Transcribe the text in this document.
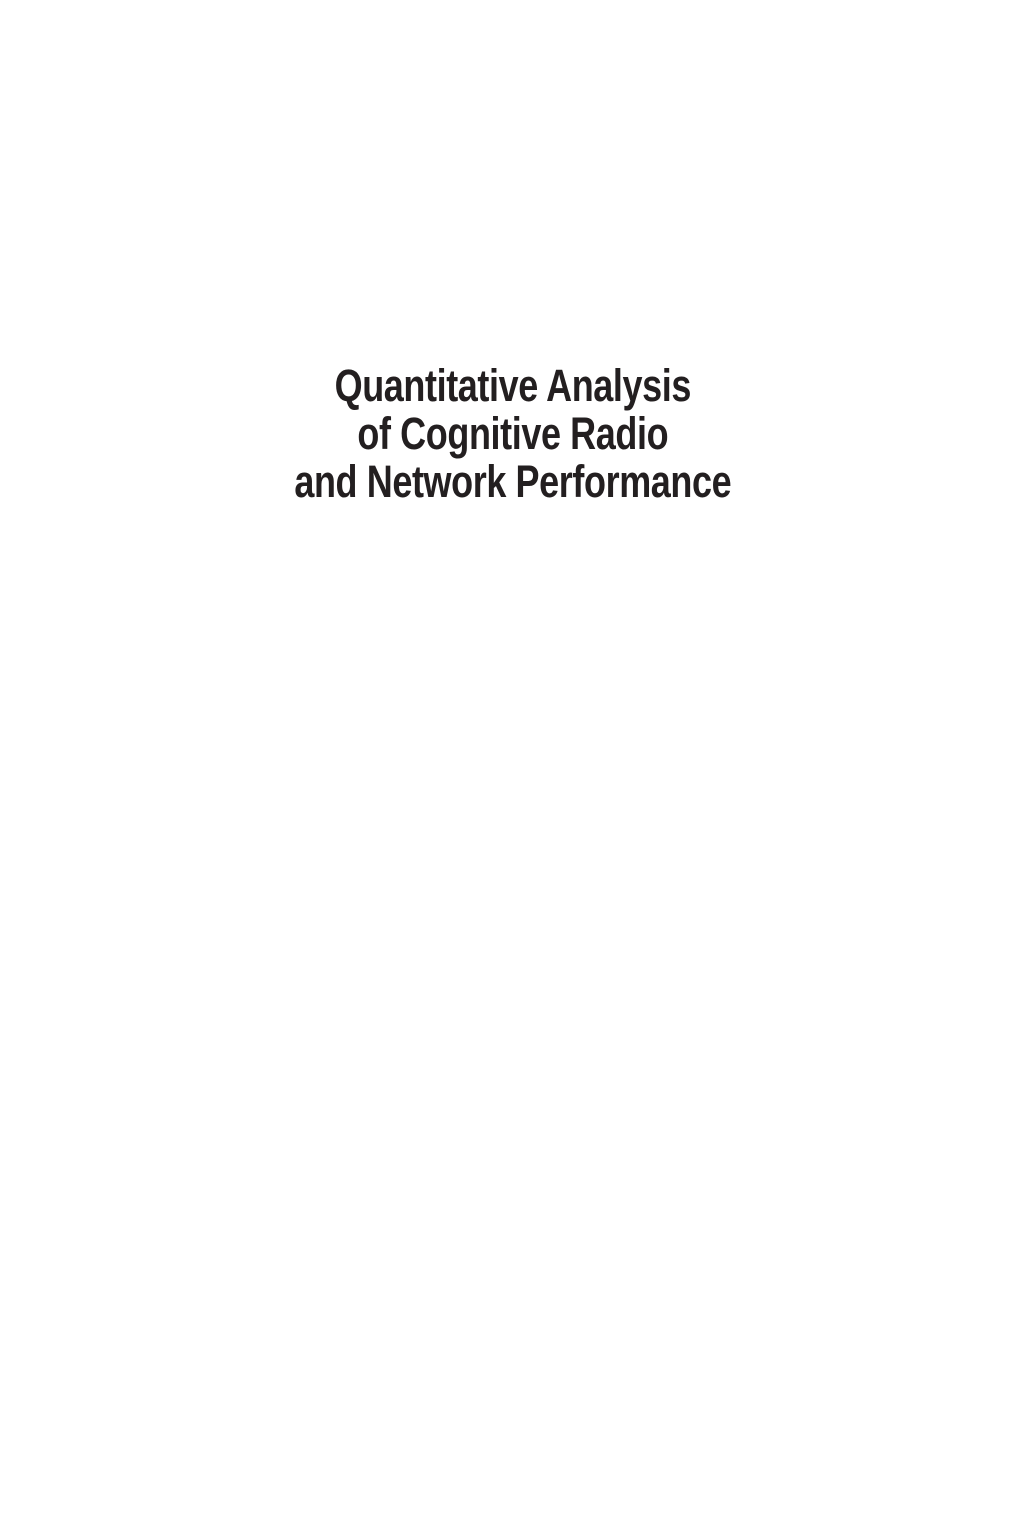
Quantitative Analysis
of Cognitive Radio
and Network Performance
